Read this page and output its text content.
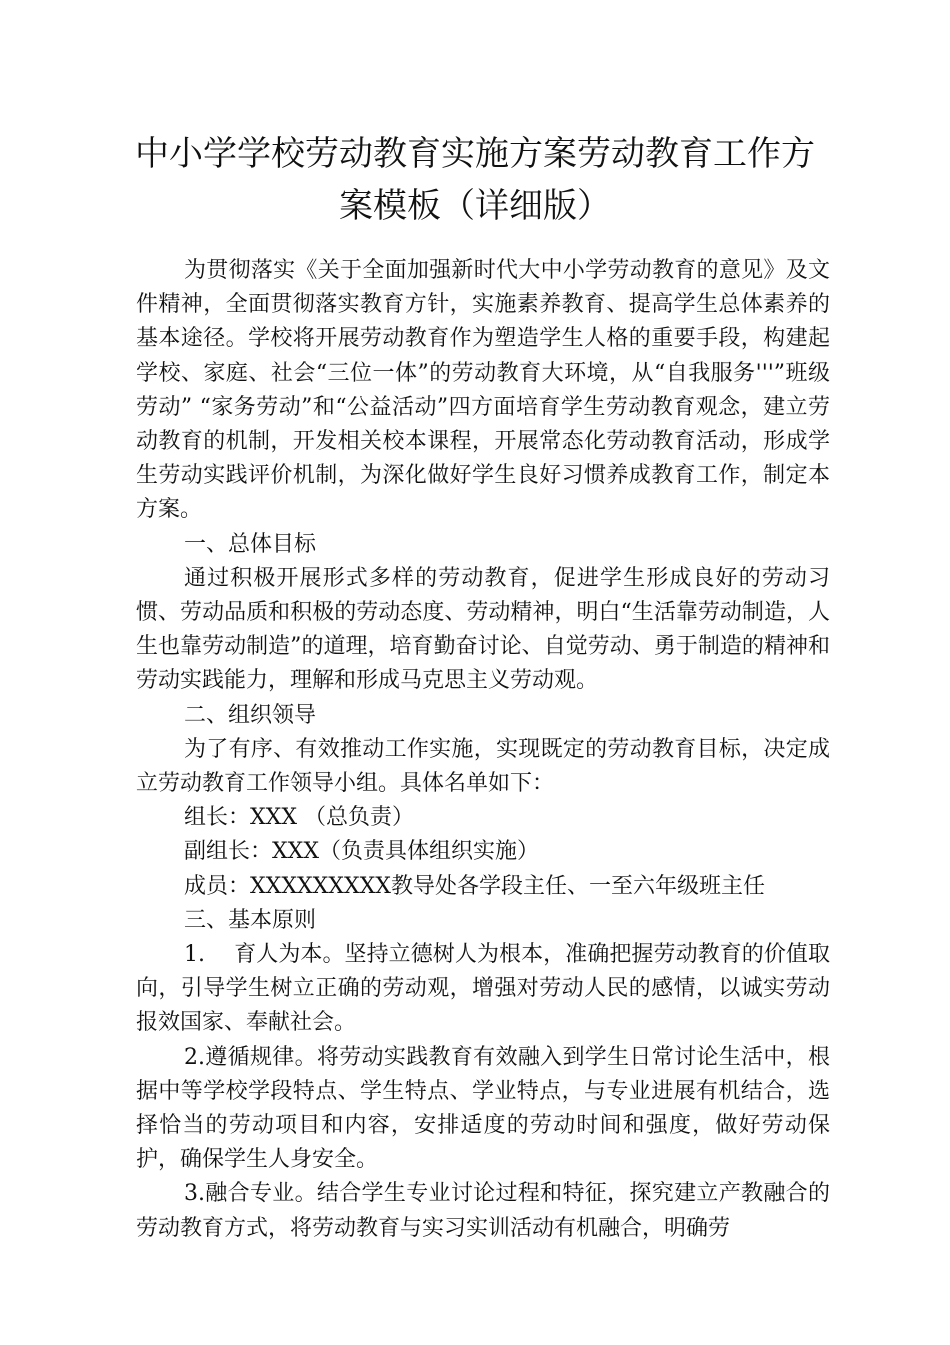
中小学学校劳动教育实施方案劳动教育工作方案模板（详细版）

为贯彻落实《关于全面加强新时代大中小学劳动教育的意见》及文件精神，全面贯彻落实教育方针，实施素养教育、提高学生总体素养的基本途径。学校将开展劳动教育作为塑造学生人格的重要手段，构建起学校、家庭、社会“三位一体”的劳动教育大环境，从“自我服务'''”班级劳动” “家务劳动”和“公益活动”四方面培育学生劳动教育观念，建立劳动教育的机制，开发相关校本课程，开展常态化劳动教育活动，形成学生劳动实践评价机制，为深化做好学生良好习惯养成教育工作，制定本方案。

一、总体目标

通过积极开展形式多样的劳动教育，促进学生形成良好的劳动习惯、劳动品质和积极的劳动态度、劳动精神，明白“生活靠劳动制造，人生也靠劳动制造”的道理，培育勤奋讨论、自觉劳动、勇于制造的精神和劳动实践能力，理解和形成马克思主义劳动观。

二、组织领导

为了有序、有效推动工作实施，实现既定的劳动教育目标，决定成立劳动教育工作领导小组。具体名单如下：

组长：XXX （总负责）

副组长：XXX（负责具体组织实施）

成员：XXXXXXXXX教导处各学段主任、一至六年级班主任

三、基本原则

1.　 育人为本。坚持立德树人为根本，准确把握劳动教育的价值取向，引导学生树立正确的劳动观，增强对劳动人民的感情，以诚实劳动报效国家、奉献社会。

2.遵循规律。将劳动实践教育有效融入到学生日常讨论生活中，根据中等学校学段特点、学生特点、学业特点，与专业进展有机结合，选择恰当的劳动项目和内容，安排适度的劳动时间和强度，做好劳动保护，确保学生人身安全。

3.融合专业。结合学生专业讨论过程和特征，探究建立产教融合的劳动教育方式，将劳动教育与实习实训活动有机融合，明确劳
